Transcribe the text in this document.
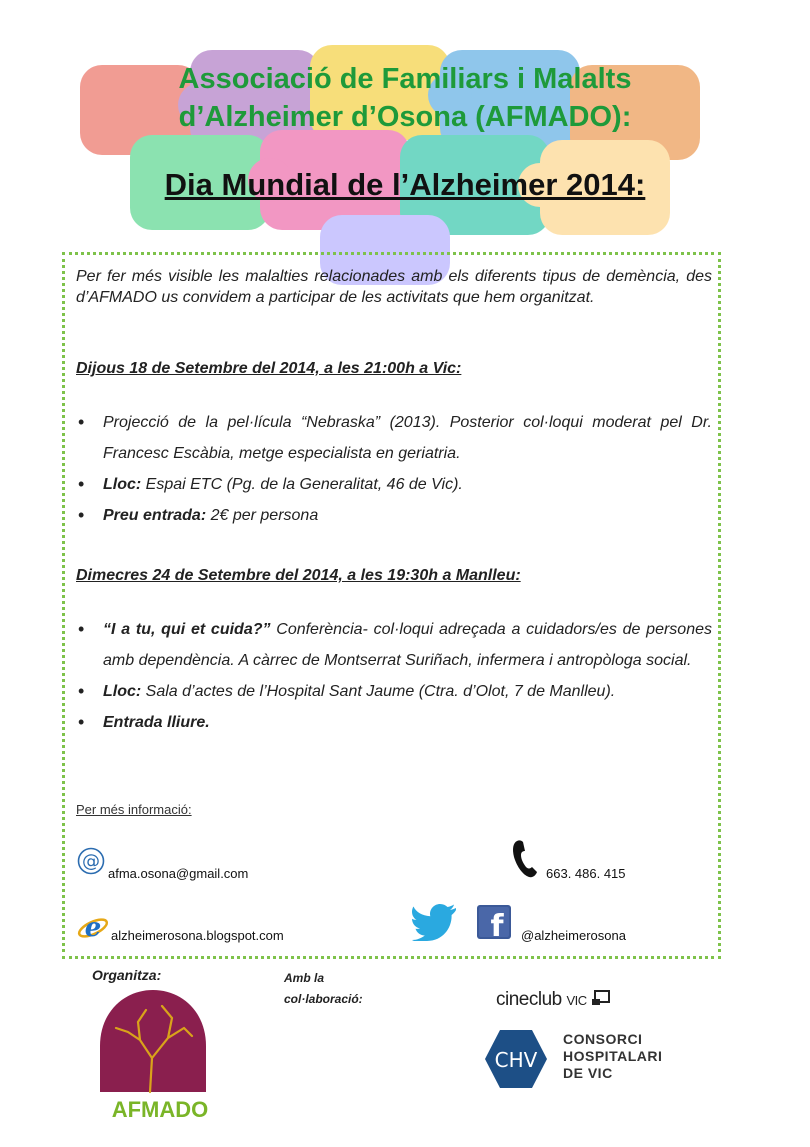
Associació de Familiars i Malalts

d’Alzheimer d’Osona (AFMADO):

Dia Mundial de l’Alzheimer 2014:
Per fer més visible les malalties relacionades amb els diferents tipus de demència, des d’AFMADO us convidem a participar de les activitats que hem organitzat.
Dijous 18 de Setembre del 2014, a les 21:00h a Vic:
• Projecció de la pel·lícula “Nebraska” (2013). Posterior col·loqui moderat pel Dr. Francesc Escàbia, metge especialista en geriatria.
• Lloc: Espai ETC (Pg. de la Generalitat, 46 de Vic).
• Preu entrada: 2€ per persona
Dimecres 24 de Setembre del 2014, a les 19:30h a Manlleu:
• “I a tu, qui et cuida?” Conferència- col·loqui adreçada a cuidadors/es de persones amb dependència. A càrrec de Montserrat Suriñach, infermera i antropòloga social.
• Lloc: Sala d’actes de l’Hospital Sant Jaume (Ctra. d’Olot, 7 de Manlleu).
• Entrada lliure.
Per més informació:
@
afma.osona@gmail.com	663. 486. 415
e alzheimerosona.blogspot.com	f @alzheimerosona
Organitza:	Amb la
col·laboració:
AFMADO
cineclub VIC
CHV
CONSORCI
HOSPITALARI
DE VIC
